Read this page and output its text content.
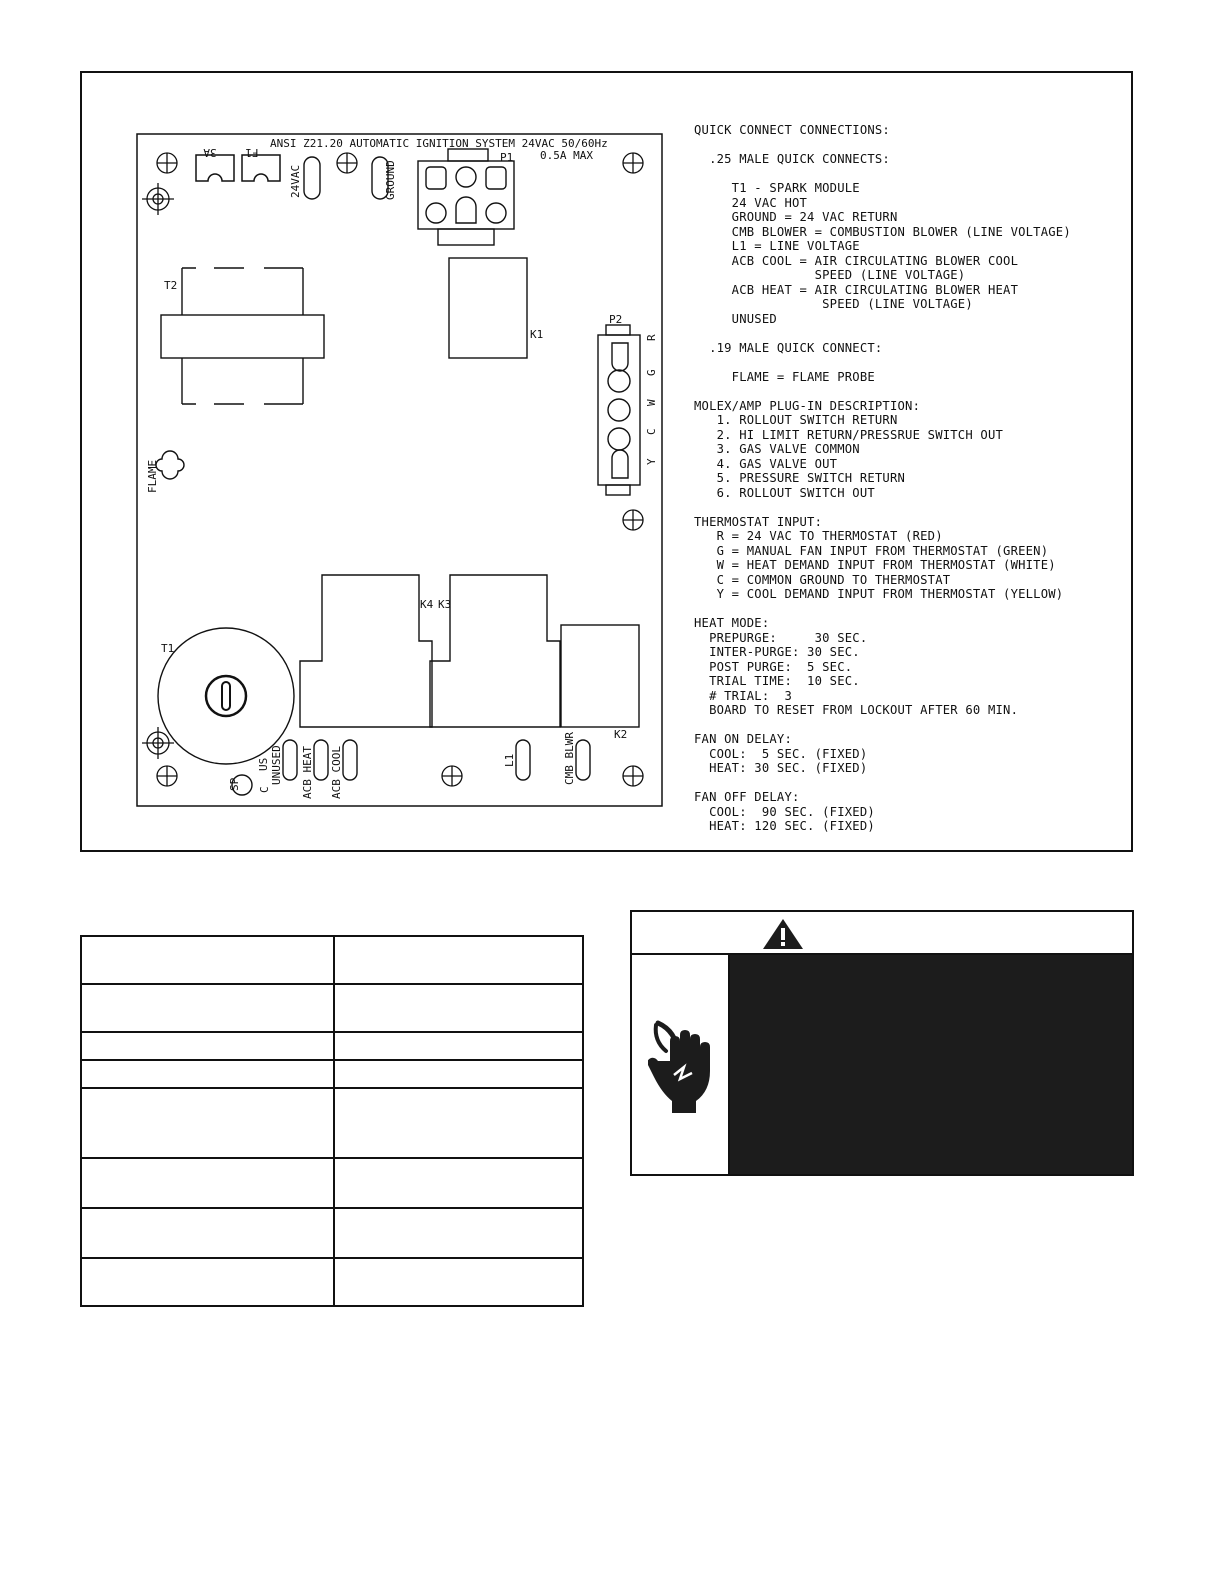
ANSI Z21.20 AUTOMATIC IGNITION SYSTEM 24VAC 50/60Hz
0.5A MAX
3A	F1
24VAC	GROUND
P1
T2
K1
P2
R
G
W
C
Y
FLAME
K4 K3
K2
T1
UNUSED ACB HEAT ACB COOL	L1	CMB BLWR
SP C
US
QUICK CONNECT CONNECTIONS:
.25 MALE QUICK CONNECTS:
T1 - SPARK MODULE
24 VAC HOT
GROUND = 24 VAC RETURN
CMB BLOWER = COMBUSTION BLOWER (LINE VOLTAGE)
L1 = LINE VOLTAGE
ACB COOL = AIR CIRCULATING BLOWER COOL
SPEED (LINE VOLTAGE)
ACB HEAT = AIR CIRCULATING BLOWER HEAT
SPEED (LINE VOLTAGE)
UNUSED
.19 MALE QUICK CONNECT:
FLAME = FLAME PROBE
MOLEX/AMP PLUG-IN DESCRIPTION:
1. ROLLOUT SWITCH RETURN
2. HI LIMIT RETURN/PRESSRUE SWITCH OUT
3. GAS VALVE COMMON
4. GAS VALVE OUT
5. PRESSURE SWITCH RETURN
6. ROLLOUT SWITCH OUT
THERMOSTAT INPUT:
R = 24 VAC TO THERMOSTAT (RED)
G = MANUAL FAN INPUT FROM THERMOSTAT (GREEN)
W = HEAT DEMAND INPUT FROM THERMOSTAT (WHITE)
C = COMMON GROUND TO THERMOSTAT
Y = COOL DEMAND INPUT FROM THERMOSTAT (YELLOW)
HEAT MODE:
PREPURGE:     30 SEC.
INTER-PURGE: 30 SEC.
POST PURGE:  5 SEC.
TRIAL TIME:  10 SEC.
# TRIAL:  3
BOARD TO RESET FROM LOCKOUT AFTER 60 MIN.
FAN ON DELAY:
COOL:  5 SEC. (FIXED)
HEAT: 30 SEC. (FIXED)
FAN OFF DELAY:
COOL:  90 SEC. (FIXED)
HEAT: 120 SEC. (FIXED)
